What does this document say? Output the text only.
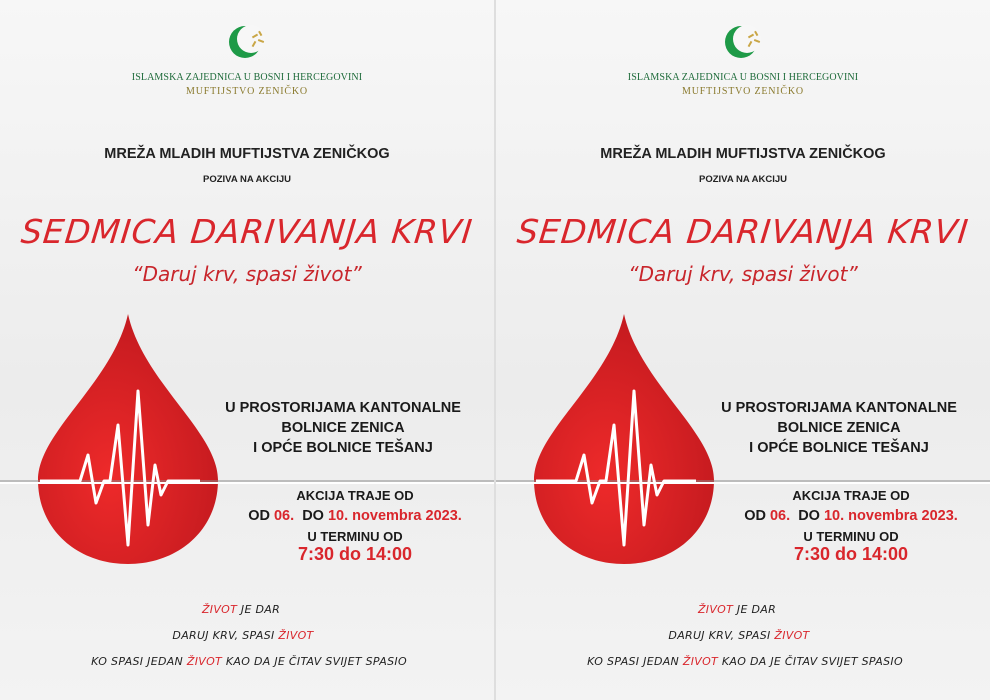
ISLAMSKA ZAJEDNICA U BOSNI I HERCEGOVINI
MUFTIJSTVO ZENIČKO
MREŽA MLADIH MUFTIJSTVA ZENIČKOG
POZIVA NA AKCIJU
SEDMICA DARIVANJA KRVI
“Daruj krv, spasi život”
U PROSTORIJAMA KANTONALNE
BOLNICE ZENICA
I OPĆE BOLNICE TEŠANJ
AKCIJA TRAJE OD
OD 06. DO 10. novembra 2023.
U TERMINU OD
7:30 do 14:00
ŽIVOT JE DAR
DARUJ KRV, SPASI ŽIVOT
KO SPASI JEDAN ŽIVOT KAO DA JE ČITAV SVIJET SPASIO
ISLAMSKA ZAJEDNICA U BOSNI I HERCEGOVINI
MUFTIJSTVO ZENIČKO
MREŽA MLADIH MUFTIJSTVA ZENIČKOG
POZIVA NA AKCIJU
SEDMICA DARIVANJA KRVI
“Daruj krv, spasi život”
U PROSTORIJAMA KANTONALNE
BOLNICE ZENICA
I OPĆE BOLNICE TEŠANJ
AKCIJA TRAJE OD
OD 06. DO 10. novembra 2023.
U TERMINU OD
7:30 do 14:00
ŽIVOT JE DAR
DARUJ KRV, SPASI ŽIVOT
KO SPASI JEDAN ŽIVOT KAO DA JE ČITAV SVIJET SPASIO
